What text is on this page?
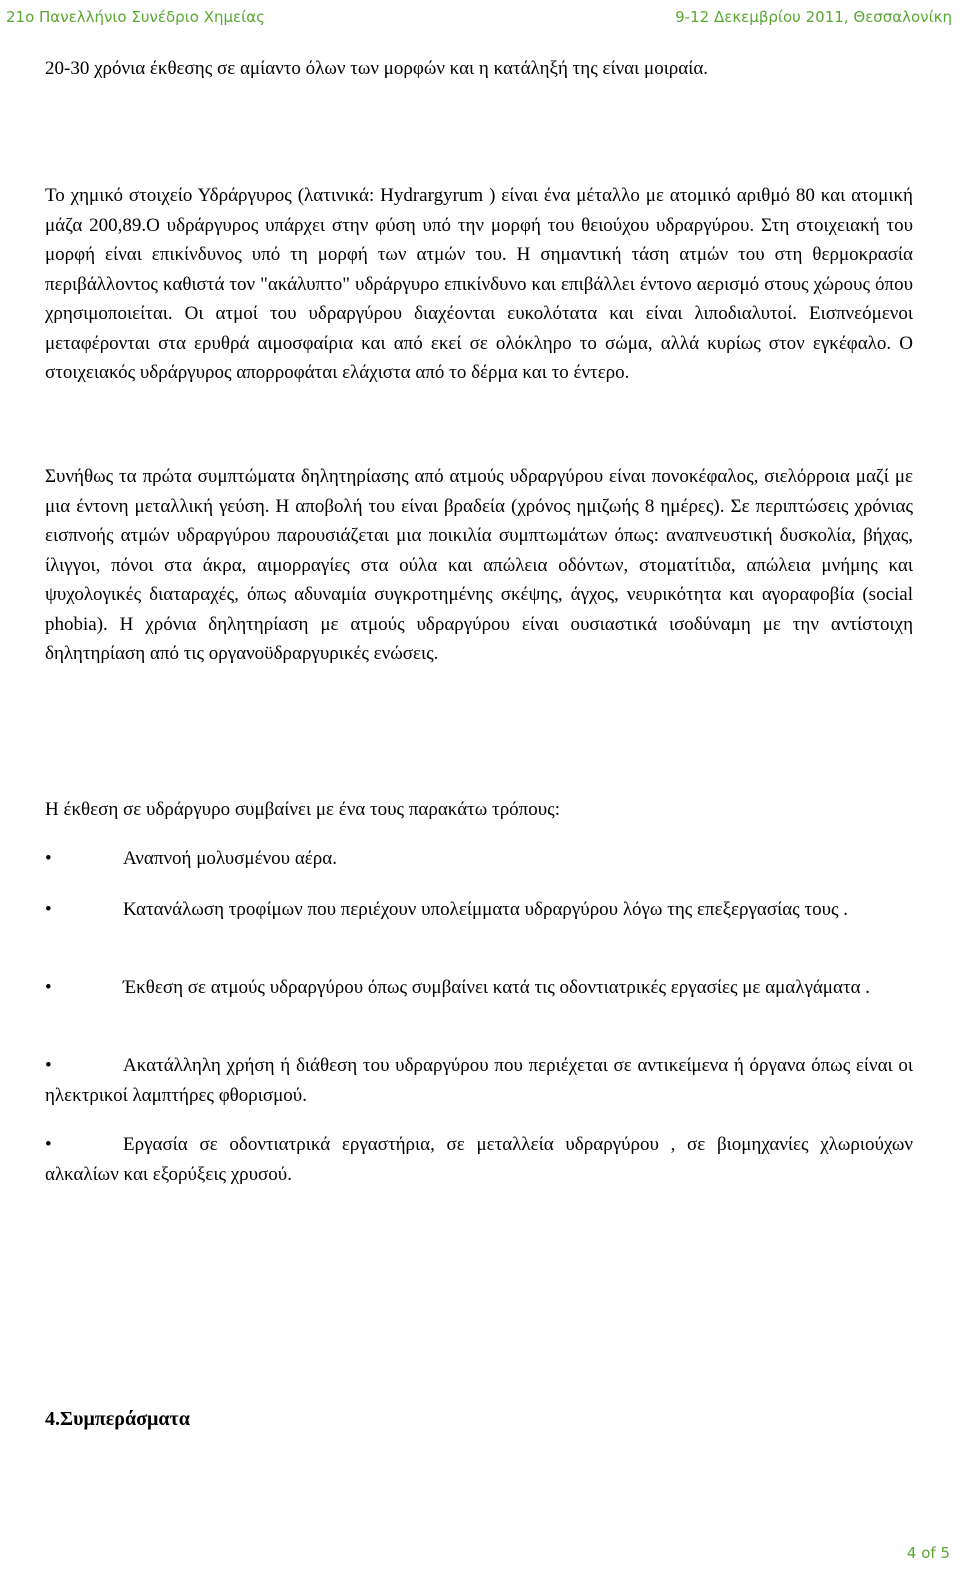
21ο Πανελλήνιο Συνέδριο Χημείας	9-12 Δεκεμβρίου 2011, Θεσσαλονίκη

20-30 χρόνια έκθεσης σε αμίαντο όλων των μορφών και η κατάληξή της είναι μοιραία.

Το χημικό στοιχείο Υδράργυρος (λατινικά: Hydrargyrum ) είναι ένα μέταλλο με ατομικό αριθμό 80 και ατομική μάζα 200,89.Ο υδράργυρος υπάρχει στην φύση υπό την μορφή του θειούχου υδραργύρου. Στη στοιχειακή του μορφή είναι επικίνδυνος υπό τη μορφή των ατμών του. Η σημαντική τάση ατμών του στη θερμοκρασία περιβάλλοντος καθιστά τον "ακάλυπτο" υδράργυρο επικίνδυνο και επιβάλλει έντονο αερισμό στους χώρους όπου χρησιμοποιείται. Οι ατμοί του υδραργύρου διαχέονται ευκολότατα και είναι λιποδιαλυτοί. Εισπνεόμενοι μεταφέρονται στα ερυθρά αιμοσφαίρια και από εκεί σε ολόκληρο το σώμα, αλλά κυρίως στον εγκέφαλο. Ο στοιχειακός υδράργυρος απορροφάται ελάχιστα από το δέρμα και το έντερο.

Συνήθως τα πρώτα συμπτώματα δηλητηρίασης από ατμούς υδραργύρου είναι πονοκέφαλος, σιελόρροια μαζί με μια έντονη μεταλλική γεύση. Η αποβολή του είναι βραδεία (χρόνος ημιζωής 8 ημέρες). Σε περιπτώσεις χρόνιας εισπνοής ατμών υδραργύρου παρουσιάζεται μια ποικιλία συμπτωμάτων όπως: αναπνευστική δυσκολία, βήχας, ίλιγγοι, πόνοι στα άκρα, αιμορραγίες στα ούλα και απώλεια οδόντων, στοματίτιδα, απώλεια μνήμης και ψυχολογικές διαταραχές, όπως αδυναμία συγκροτημένης σκέψης, άγχος, νευρικότητα και αγοραφοβία (social phobia). Η χρόνια δηλητηρίαση με ατμούς υδραργύρου είναι ουσιαστικά ισοδύναμη με την αντίστοιχη δηλητηρίαση από τις οργανοϋδραργυρικές ενώσεις.

Η έκθεση σε υδράργυρο συμβαίνει με ένα τους παρακάτω τρόπους:

•	Αναπνοή μολυσμένου αέρα.

•	Κατανάλωση τροφίμων που περιέχουν υπολείμματα υδραργύρου λόγω της επεξεργασίας τους .

•	Έκθεση σε ατμούς υδραργύρου όπως συμβαίνει κατά τις οδοντιατρικές εργασίες με αμαλγάματα .

•	Ακατάλληλη χρήση ή διάθεση του υδραργύρου που περιέχεται σε αντικείμενα ή όργανα όπως είναι οι ηλεκτρικοί λαμπτήρες φθορισμού.

•	Εργασία σε οδοντιατρικά εργαστήρια, σε μεταλλεία υδραργύρου , σε βιομηχανίες χλωριούχων αλκαλίων και εξορύξεις χρυσού.

4.Συμπεράσματα
4 of 5
